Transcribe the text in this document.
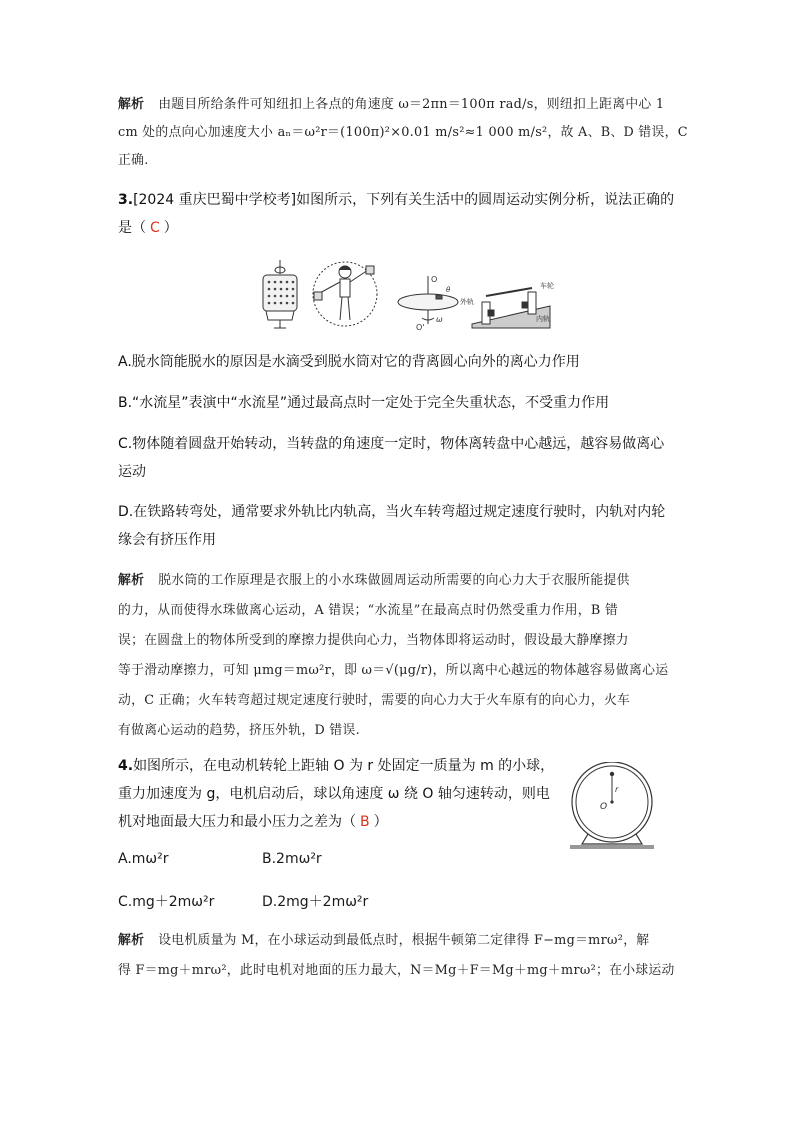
解析 由题目所给条件可知纽扣上各点的角速度 ω＝2πn＝100π rad/s，则纽扣上距离中心 1
cm 处的点向心加速度大小 aₙ＝ω²r＝(100π)²×0.01 m/s²≈1 000 m/s²，故 A、B、D 错误，C
正确.
3.[2024 重庆巴蜀中学校考]如图所示，下列有关生活中的圆周运动实例分析，说法正确的
是（ C ）
O
θ
ω
O'
外轨
车轮
内轨
A.脱水筒能脱水的原因是水滴受到脱水筒对它的背离圆心向外的离心力作用
B.“水流星”表演中“水流星”通过最高点时一定处于完全失重状态，不受重力作用
C.物体随着圆盘开始转动，当转盘的角速度一定时，物体离转盘中心越远，越容易做离心
运动
D.在铁路转弯处，通常要求外轨比内轨高，当火车转弯超过规定速度行驶时，内轨对内轮
缘会有挤压作用
解析 脱水筒的工作原理是衣服上的小水珠做圆周运动所需要的向心力大于衣服所能提供
的力，从而使得水珠做离心运动，A 错误；“水流星”在最高点时仍然受重力作用，B 错
误；在圆盘上的物体所受到的摩擦力提供向心力，当物体即将运动时，假设最大静摩擦力
等于滑动摩擦力，可知 μmg＝mω²r，即 ω＝√(μg/r)，所以离中心越远的物体越容易做离心运
动，C 正确；火车转弯超过规定速度行驶时，需要的向心力大于火车原有的向心力，火车
有做离心运动的趋势，挤压外轨，D 错误.
4.如图所示，在电动机转轮上距轴 O 为 r 处固定一质量为 m 的小球，
重力加速度为 g，电机启动后，球以角速度 ω 绕 O 轴匀速转动，则电
机对地面最大压力和最小压力之差为（ B ）
O
r
A.mω²r	B.2mω²r
C.mg＋2mω²r	D.2mg＋2mω²r
解析 设电机质量为 M，在小球运动到最低点时，根据牛顿第二定律得 F−mg＝mrω²，解
得 F＝mg＋mrω²，此时电机对地面的压力最大，N＝Mg＋F＝Mg＋mg＋mrω²；在小球运动
